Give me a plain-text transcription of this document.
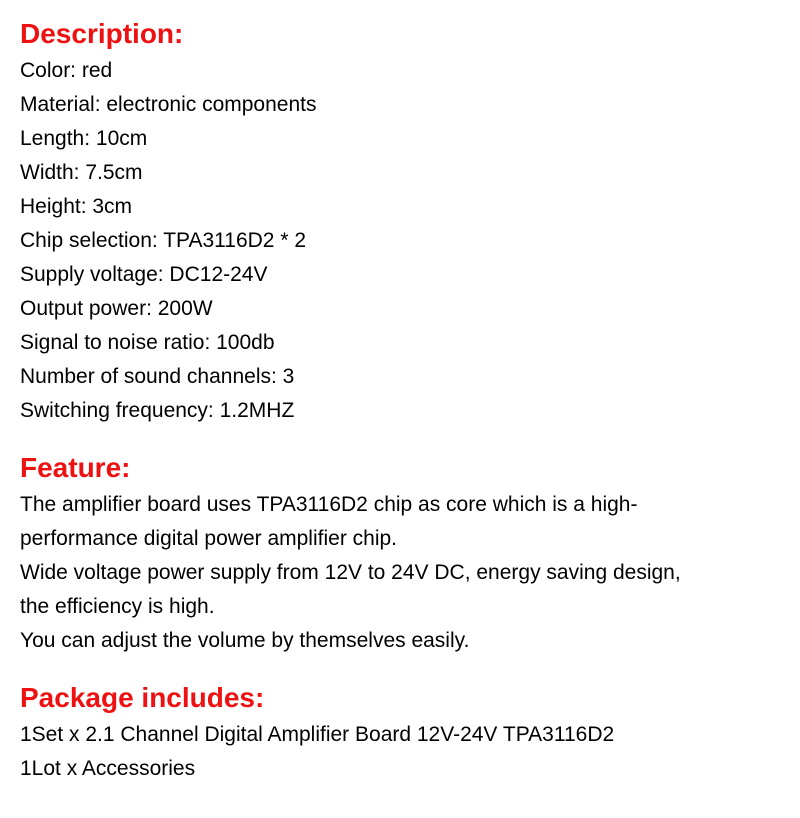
Description:

Color: red

Material: electronic components

Length: 10cm

Width: 7.5cm

Height: 3cm

Chip selection: TPA3116D2 * 2

Supply voltage: DC12-24V

Output power: 200W

Signal to noise ratio: 100db

Number of sound channels: 3

Switching frequency: 1.2MHZ

Feature:

The amplifier board uses TPA3116D2 chip as core which is a high-

performance digital power amplifier chip.

Wide voltage power supply from 12V to 24V DC, energy saving design,

the efficiency is high.

You can adjust the volume by themselves easily.

Package includes:

1Set x 2.1 Channel Digital Amplifier Board 12V-24V TPA3116D2

1Lot x Accessories
